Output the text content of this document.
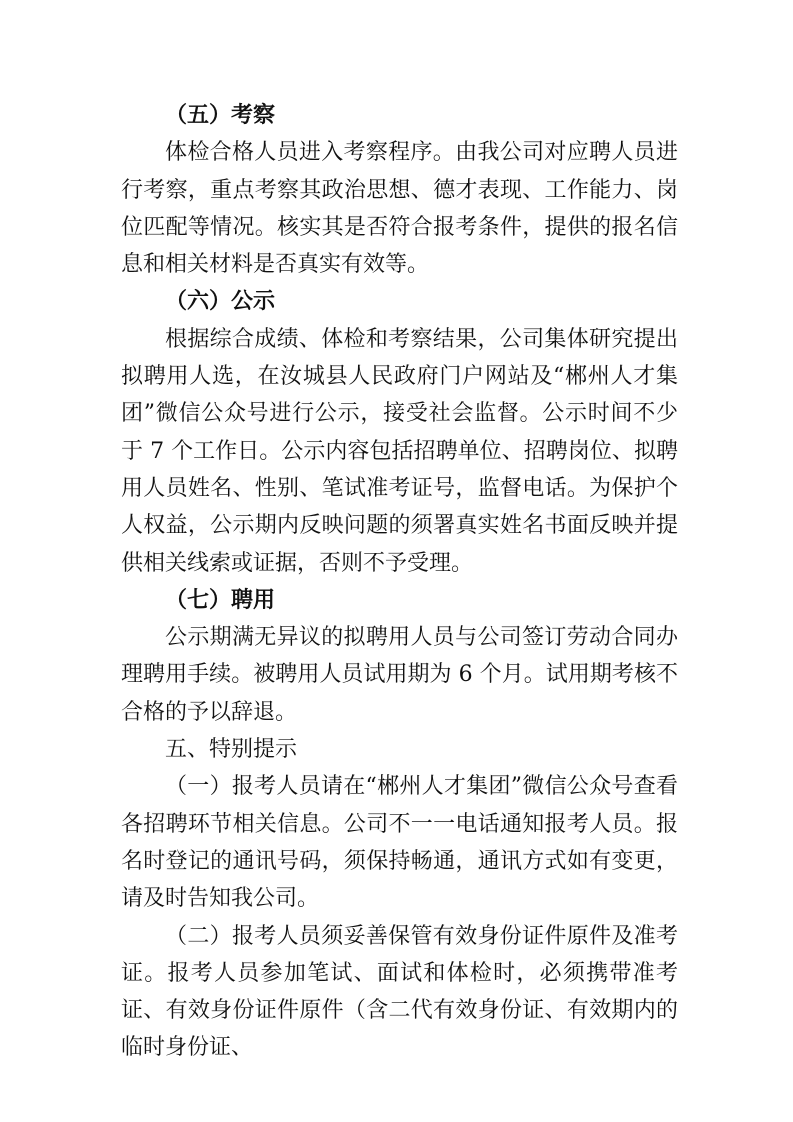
（五）考察

体检合格人员进入考察程序。由我公司对应聘人员进行考察，重点考察其政治思想、德才表现、工作能力、岗位匹配等情况。核实其是否符合报考条件，提供的报名信息和相关材料是否真实有效等。

（六）公示

根据综合成绩、体检和考察结果，公司集体研究提出拟聘用人选，在汝城县人民政府门户网站及“郴州人才集团”微信公众号进行公示，接受社会监督。公示时间不少于 7 个工作日。公示内容包括招聘单位、招聘岗位、拟聘用人员姓名、性别、笔试准考证号，监督电话。为保护个人权益，公示期内反映问题的须署真实姓名书面反映并提供相关线索或证据，否则不予受理。

（七）聘用

公示期满无异议的拟聘用人员与公司签订劳动合同办理聘用手续。被聘用人员试用期为 6 个月。试用期考核不合格的予以辞退。

五、特别提示

（一）报考人员请在“郴州人才集团”微信公众号查看各招聘环节相关信息。公司不一一电话通知报考人员。报名时登记的通讯号码，须保持畅通，通讯方式如有变更，请及时告知我公司。

（二）报考人员须妥善保管有效身份证件原件及准考证。报考人员参加笔试、面试和体检时，必须携带准考证、有效身份证件原件（含二代有效身份证、有效期内的临时身份证、
